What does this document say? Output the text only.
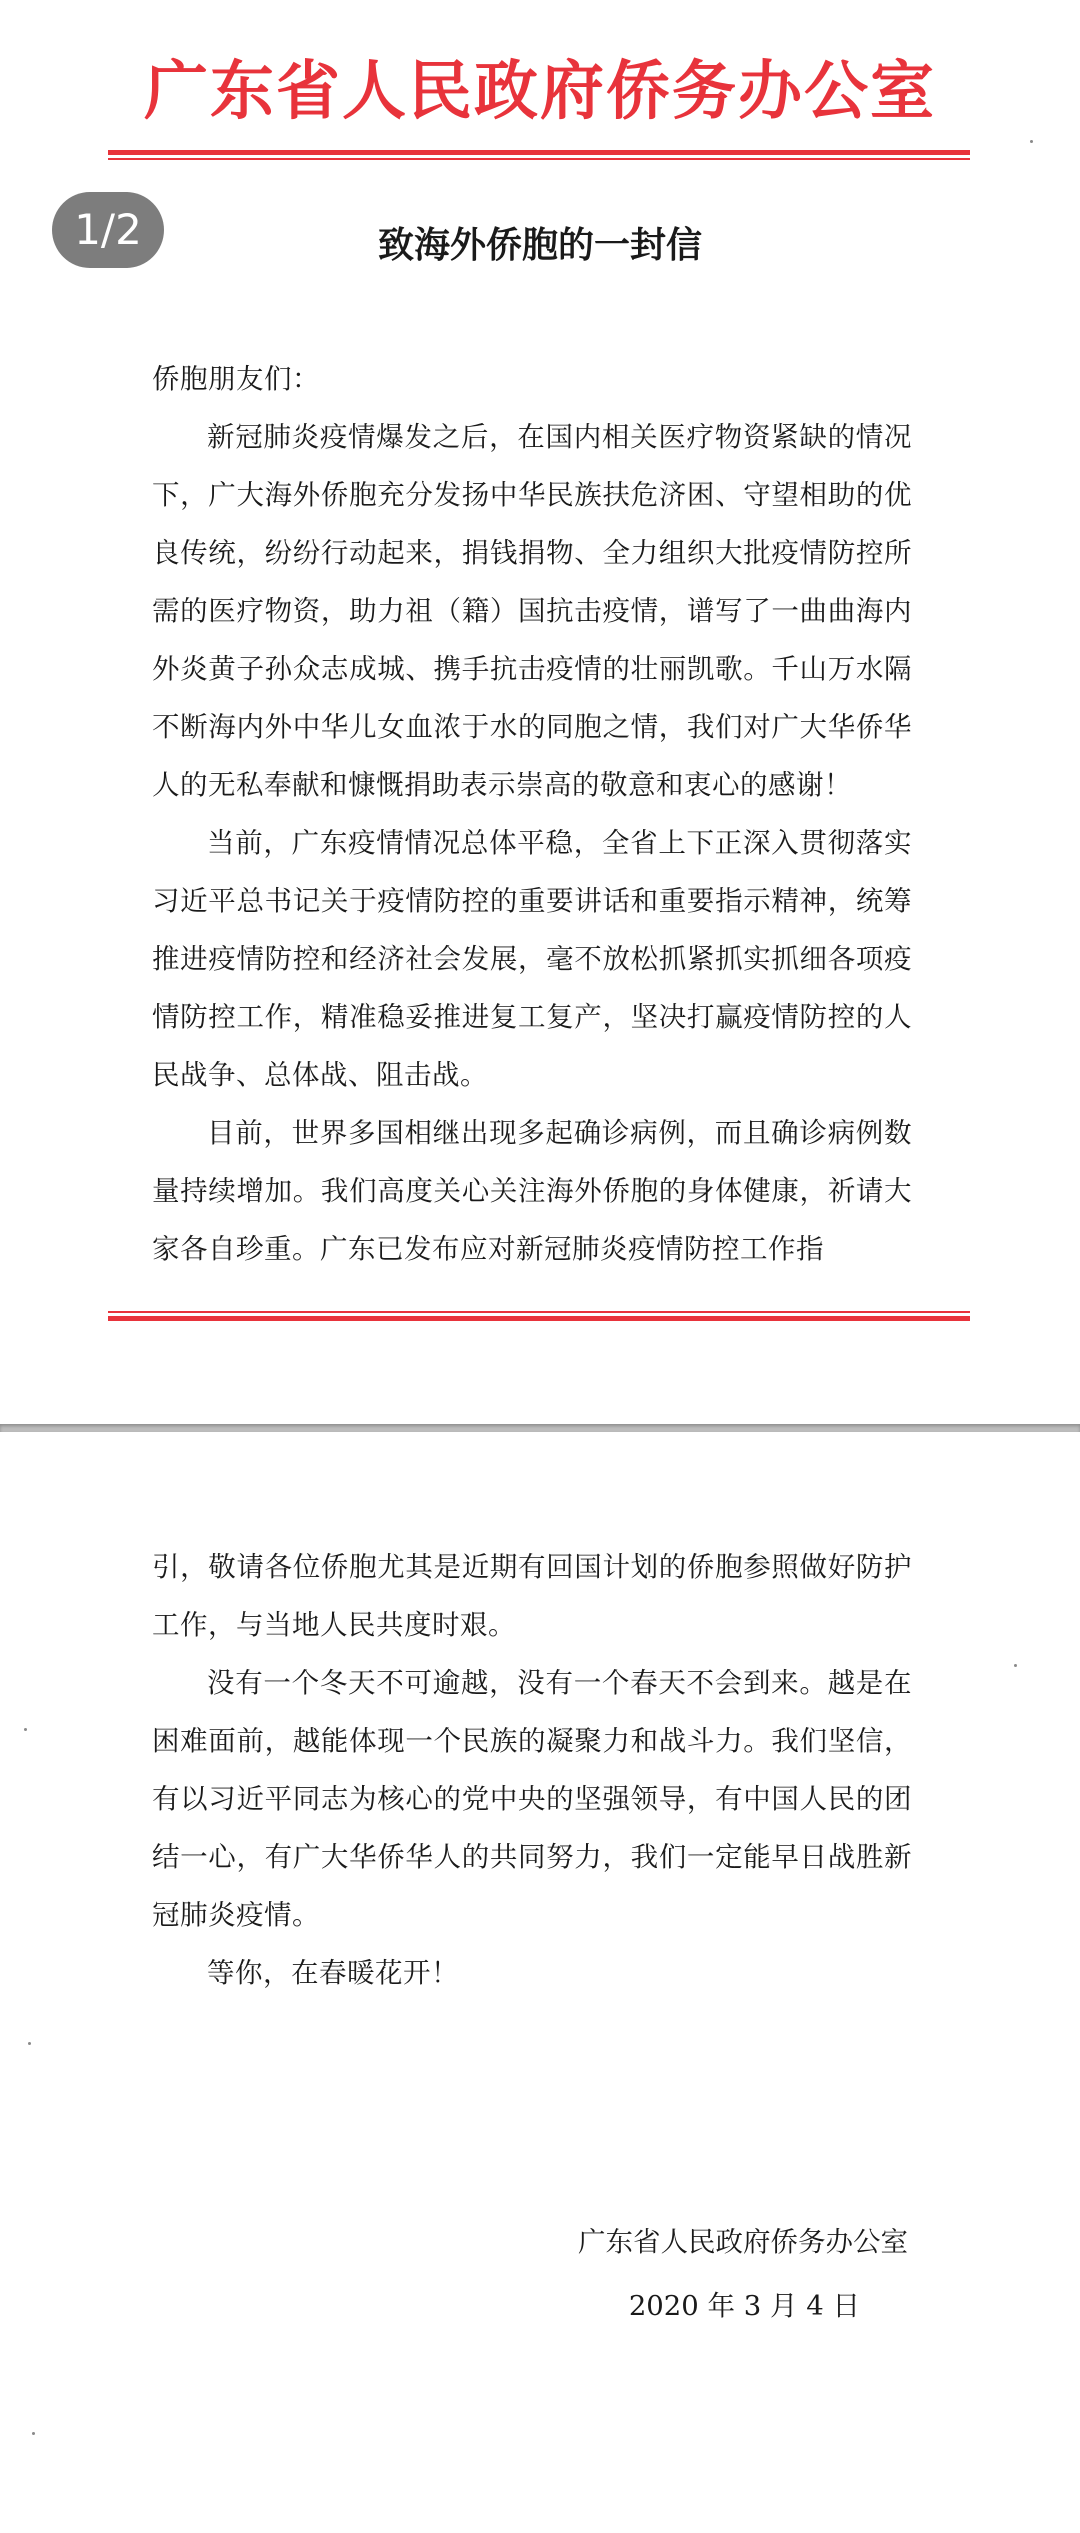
广东省人民政府侨务办公室
致海外侨胞的一封信

侨胞朋友们：

新冠肺炎疫情爆发之后，在国内相关医疗物资紧缺的情况下，广大海外侨胞充分发扬中华民族扶危济困、守望相助的优良传统，纷纷行动起来，捐钱捐物、全力组织大批疫情防控所需的医疗物资，助力祖（籍）国抗击疫情，谱写了一曲曲海内外炎黄子孙众志成城、携手抗击疫情的壮丽凯歌。千山万水隔不断海内外中华儿女血浓于水的同胞之情，我们对广大华侨华人的无私奉献和慷慨捐助表示崇高的敬意和衷心的感谢！

当前，广东疫情情况总体平稳，全省上下正深入贯彻落实习近平总书记关于疫情防控的重要讲话和重要指示精神，统筹推进疫情防控和经济社会发展，毫不放松抓紧抓实抓细各项疫情防控工作，精准稳妥推进复工复产，坚决打赢疫情防控的人民战争、总体战、阻击战。

目前，世界多国相继出现多起确诊病例，而且确诊病例数量持续增加。我们高度关心关注海外侨胞的身体健康，祈请大家各自珍重。广东已发布应对新冠肺炎疫情防控工作指

引，敬请各位侨胞尤其是近期有回国计划的侨胞参照做好防护工作，与当地人民共度时艰。

没有一个冬天不可逾越，没有一个春天不会到来。越是在困难面前，越能体现一个民族的凝聚力和战斗力。我们坚信，有以习近平同志为核心的党中央的坚强领导，有中国人民的团结一心，有广大华侨华人的共同努力，我们一定能早日战胜新冠肺炎疫情。

等你，在春暖花开！

广东省人民政府侨务办公室
2020 年 3 月 4 日
1/2
